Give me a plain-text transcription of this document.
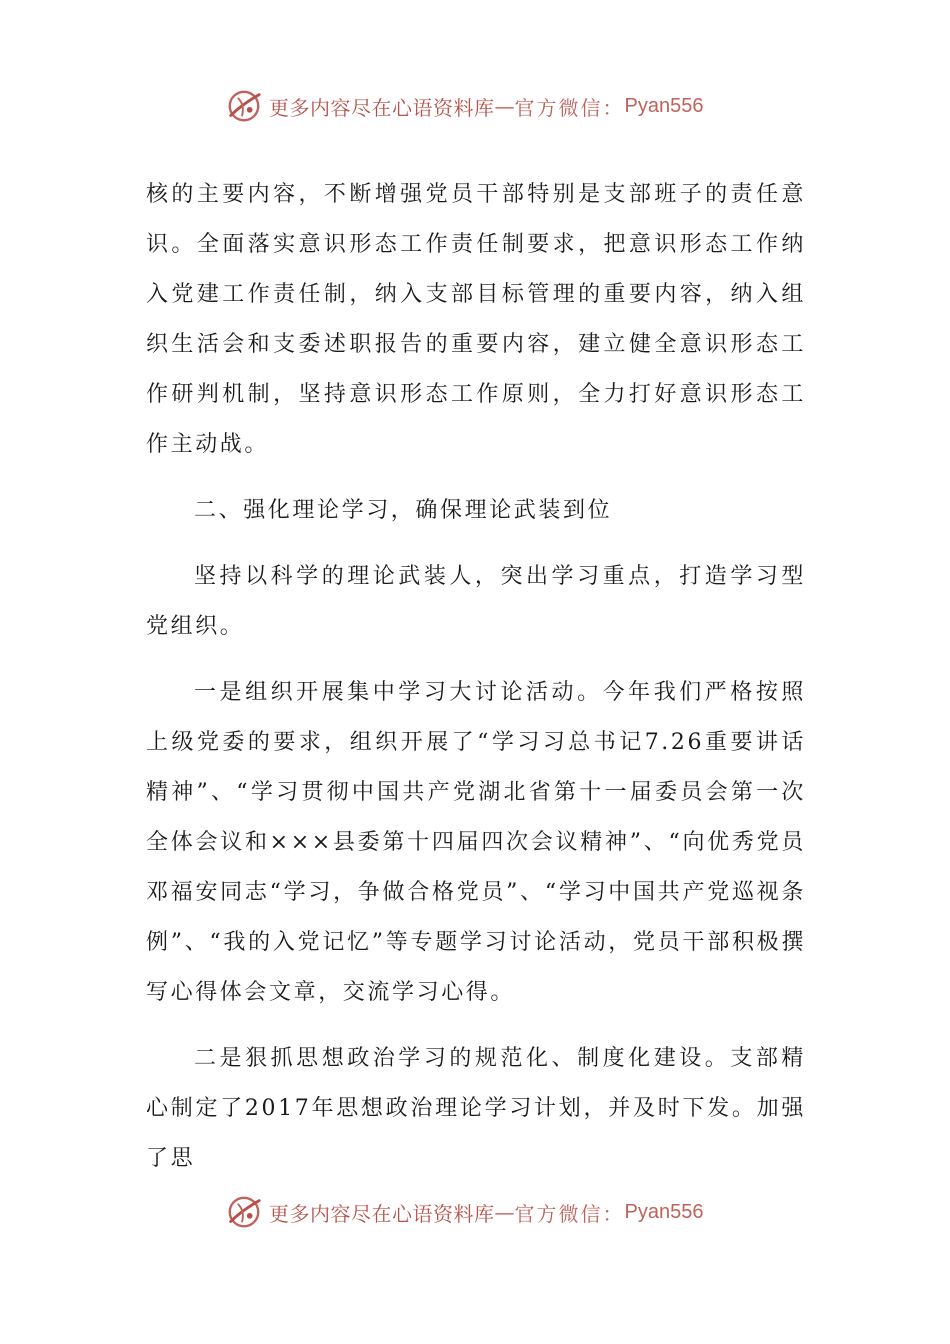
更多内容尽在心语资料库 — 官方微信： Pyan556

核的主要内容，不断增强党员干部特别是支部班子的责任意识。全面落实意识形态工作责任制要求，把意识形态工作纳入党建工作责任制，纳入支部目标管理的重要内容，纳入组织生活会和支委述职报告的重要内容，建立健全意识形态工作研判机制，坚持意识形态工作原则，全力打好意识形态工作主动战。

二、强化理论学习，确保理论武装到位

坚持以科学的理论武装人，突出学习重点，打造学习型党组织。

一是组织开展集中学习大讨论活动。今年我们严格按照上级党委的要求，组织开展了“学习习总书记7.26重要讲话精神”、“学习贯彻中国共产党湖北省第十一届委员会第一次全体会议和×××县委第十四届四次会议精神”、“向优秀党员邓福安同志“学习，争做合格党员”、“学习中国共产党巡视条例”、“我的入党记忆”等专题学习讨论活动，党员干部积极撰写心得体会文章，交流学习心得。

二是狠抓思想政治学习的规范化、制度化建设。支部精心制定了2017年思想政治理论学习计划，并及时下发。加强了思

更多内容尽在心语资料库 — 官方微信： Pyan556
